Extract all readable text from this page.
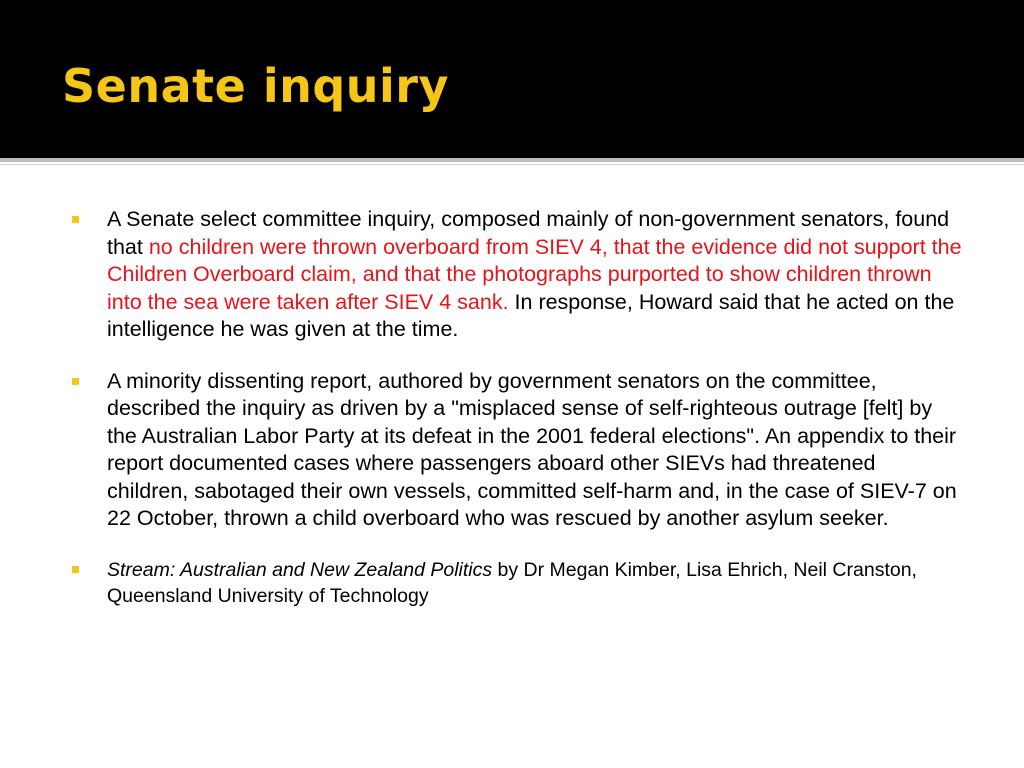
Senate inquiry
A Senate select committee inquiry, composed mainly of non-government senators, found that no children were thrown overboard from SIEV 4, that the evidence did not support the Children Overboard claim, and that the photographs purported to show children thrown into the sea were taken after SIEV 4 sank. In response, Howard said that he acted on the intelligence he was given at the time.
A minority dissenting report, authored by government senators on the committee, described the inquiry as driven by a "misplaced sense of self-righteous outrage [felt] by the Australian Labor Party at its defeat in the 2001 federal elections". An appendix to their report documented cases where passengers aboard other SIEVs had threatened children, sabotaged their own vessels, committed self-harm and, in the case of SIEV-7 on 22 October, thrown a child overboard who was rescued by another asylum seeker.
Stream: Australian and New Zealand Politics by Dr Megan Kimber, Lisa Ehrich, Neil Cranston, Queensland University of Technology
